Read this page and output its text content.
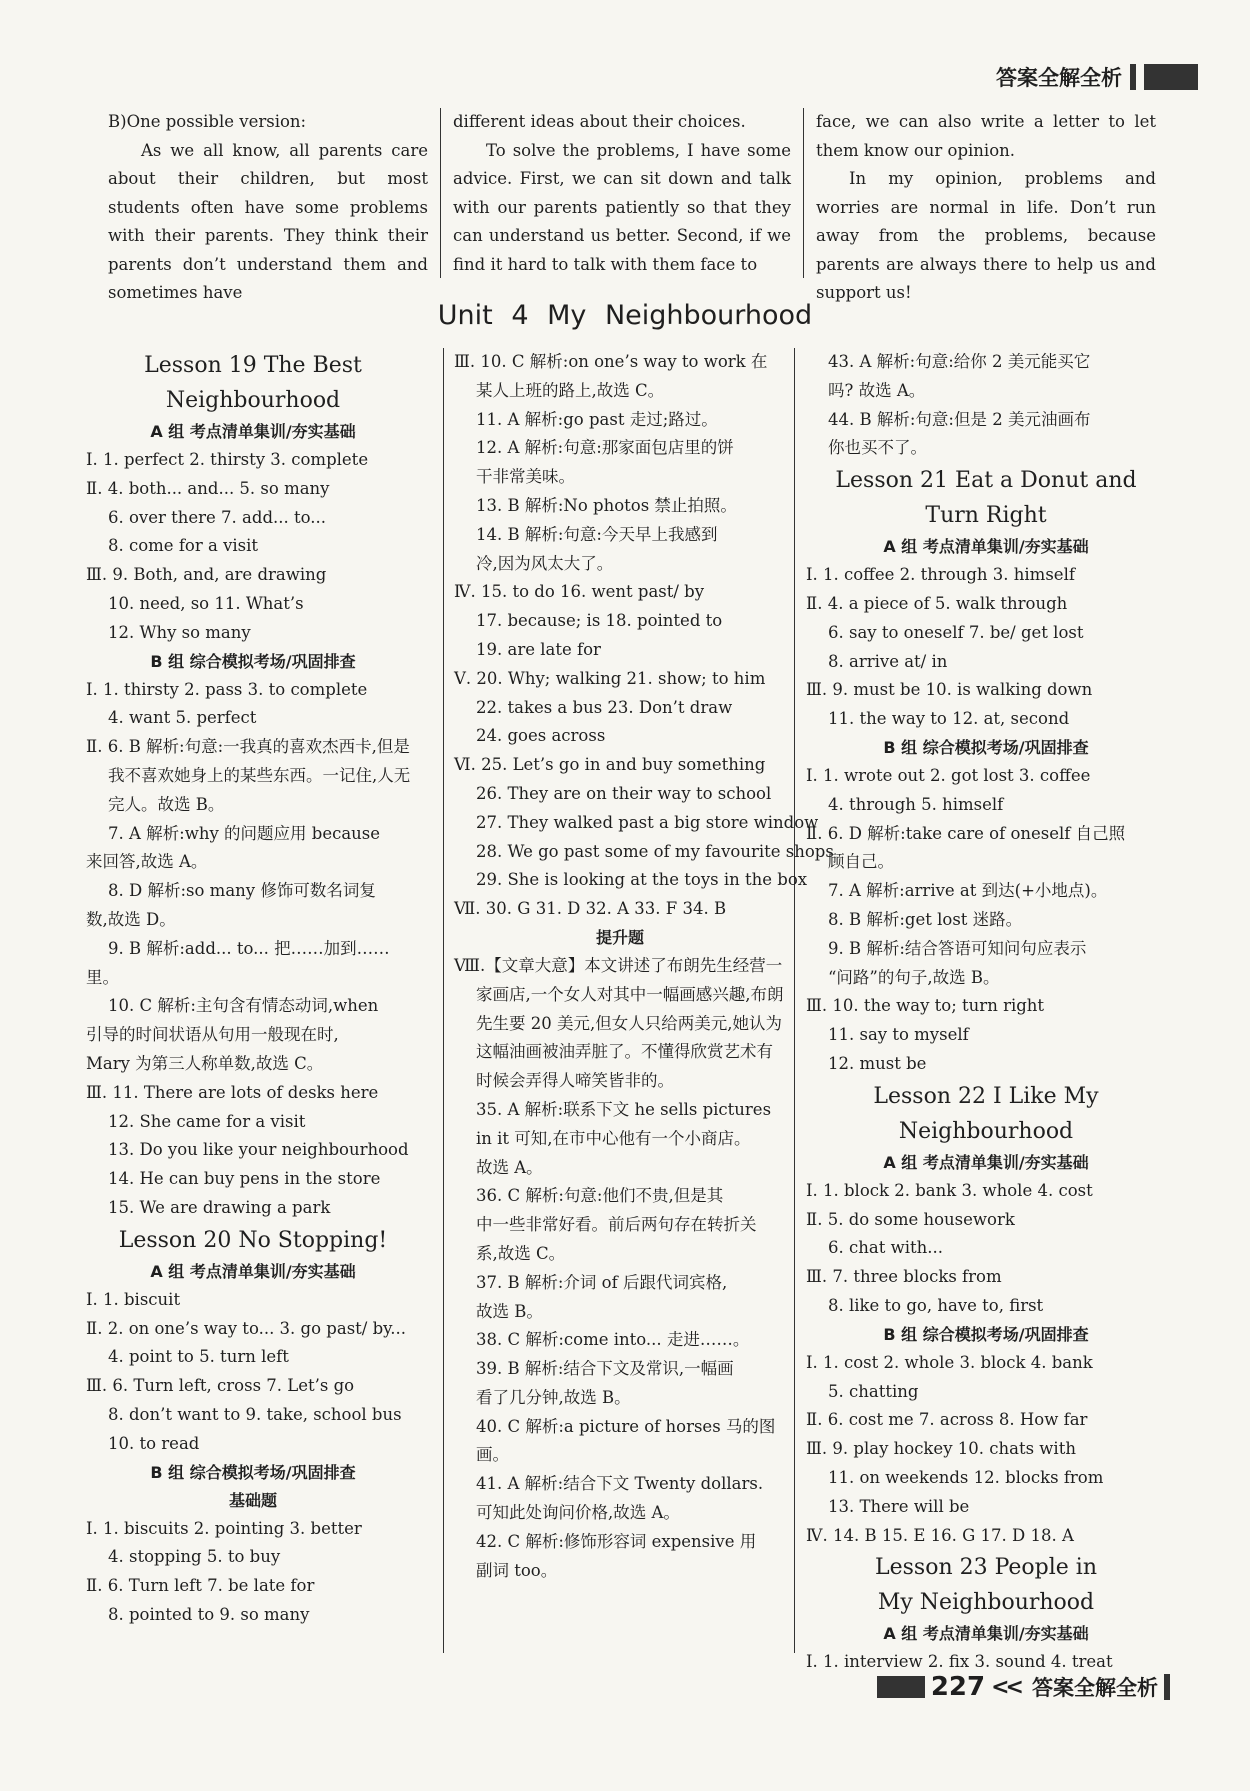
答案全解全析

B)One possible version:

As we all know, all parents care about their children, but most students often have some problems with their parents. They think their parents don’t understand them and sometimes have

different ideas about their choices.

To solve the problems, I have some advice. First, we can sit down and talk with our parents patiently so that they can understand us better. Second, if we find it hard to talk with them face to

face, we can also write a letter to let them know our opinion.

In my opinion, problems and worries are normal in life. Don’t run away from the problems, because parents are always there to help us and support us!

Unit 4 My Neighbourhood
Lesson 19 The Best
Neighbourhood
A 组 考点清单集训/夯实基础
Ⅰ. 1. perfect 2. thirsty 3. complete
Ⅱ. 4. both... and... 5. so many
6. over there 7. add... to...
8. come for a visit
Ⅲ. 9. Both, and, are drawing
10. need, so 11. What’s
12. Why so many
B 组 综合模拟考场/巩固排查
Ⅰ. 1. thirsty 2. pass 3. to complete
4. want 5. perfect
Ⅱ. 6. B 解析:句意:一我真的喜欢杰西卡,但是我不喜欢她身上的某些东西。一记住,人无完人。故选 B。
7. A 解析:why 的问题应用 because
来回答,故选 A。
8. D 解析:so many 修饰可数名词复
数,故选 D。
9. B 解析:add... to... 把……加到……
里。
10. C 解析:主句含有情态动词,when
引导的时间状语从句用一般现在时,
Mary 为第三人称单数,故选 C。
Ⅲ. 11. There are lots of desks here
12. She came for a visit
13. Do you like your neighbourhood
14. He can buy pens in the store
15. We are drawing a park
Lesson 20 No Stopping!
A 组 考点清单集训/夯实基础
Ⅰ. 1. biscuit
Ⅱ. 2. on one’s way to... 3. go past/ by...
4. point to 5. turn left
Ⅲ. 6. Turn left, cross 7. Let’s go
8. don’t want to 9. take, school bus
10. to read
B 组 综合模拟考场/巩固排查
基础题
Ⅰ. 1. biscuits 2. pointing 3. better
4. stopping 5. to buy
Ⅱ. 6. Turn left 7. be late for
8. pointed to 9. so many
Ⅲ. 10. C 解析:on one’s way to work 在
某人上班的路上,故选 C。
11. A 解析:go past 走过;路过。
12. A 解析:句意:那家面包店里的饼
干非常美味。
13. B 解析:No photos 禁止拍照。
14. B 解析:句意:今天早上我感到
冷,因为风太大了。
Ⅳ. 15. to do 16. went past/ by
17. because; is 18. pointed to
19. are late for
Ⅴ. 20. Why; walking 21. show; to him
22. takes a bus 23. Don’t draw
24. goes across
Ⅵ. 25. Let’s go in and buy something
26. They are on their way to school
27. They walked past a big store window
28. We go past some of my favourite shops
29. She is looking at the toys in the box
Ⅶ. 30. G 31. D 32. A 33. F 34. B
提升题
Ⅷ.【文章大意】本文讲述了布朗先生经营一家画店,一个女人对其中一幅画感兴趣,布朗先生要 20 美元,但女人只给两美元,她认为这幅油画被油弄脏了。不懂得欣赏艺术有时候会弄得人啼笑皆非的。
35. A 解析:联系下文 he sells pictures
in it 可知,在市中心他有一个小商店。
故选 A。
36. C 解析:句意:他们不贵,但是其
中一些非常好看。前后两句存在转折关
系,故选 C。
37. B 解析:介词 of 后跟代词宾格,
故选 B。
38. C 解析:come into... 走进……。
39. B 解析:结合下文及常识,一幅画
看了几分钟,故选 B。
40. C 解析:a picture of horses 马的图
画。
41. A 解析:结合下文 Twenty dollars.
可知此处询问价格,故选 A。
42. C 解析:修饰形容词 expensive 用
副词 too。
43. A 解析:句意:给你 2 美元能买它
吗? 故选 A。
44. B 解析:句意:但是 2 美元油画布
你也买不了。
Lesson 21 Eat a Donut and
Turn Right
A 组 考点清单集训/夯实基础
Ⅰ. 1. coffee 2. through 3. himself
Ⅱ. 4. a piece of 5. walk through
6. say to oneself 7. be/ get lost
8. arrive at/ in
Ⅲ. 9. must be 10. is walking down
11. the way to 12. at, second
B 组 综合模拟考场/巩固排查
Ⅰ. 1. wrote out 2. got lost 3. coffee
4. through 5. himself
Ⅱ. 6. D 解析:take care of oneself 自己照
顾自己。
7. A 解析:arrive at 到达(+小地点)。
8. B 解析:get lost 迷路。
9. B 解析:结合答语可知问句应表示
“问路”的句子,故选 B。
Ⅲ. 10. the way to; turn right
11. say to myself
12. must be
Lesson 22 I Like My
Neighbourhood
A 组 考点清单集训/夯实基础
Ⅰ. 1. block 2. bank 3. whole 4. cost
Ⅱ. 5. do some housework
6. chat with...
Ⅲ. 7. three blocks from
8. like to go, have to, first
B 组 综合模拟考场/巩固排查
Ⅰ. 1. cost 2. whole 3. block 4. bank
5. chatting
Ⅱ. 6. cost me 7. across 8. How far
Ⅲ. 9. play hockey 10. chats with
11. on weekends 12. blocks from
13. There will be
Ⅳ. 14. B 15. E 16. G 17. D 18. A
Lesson 23 People in
My Neighbourhood
A 组 考点清单集训/夯实基础
Ⅰ. 1. interview 2. fix 3. sound 4. treat
227 << 答案全解全析
